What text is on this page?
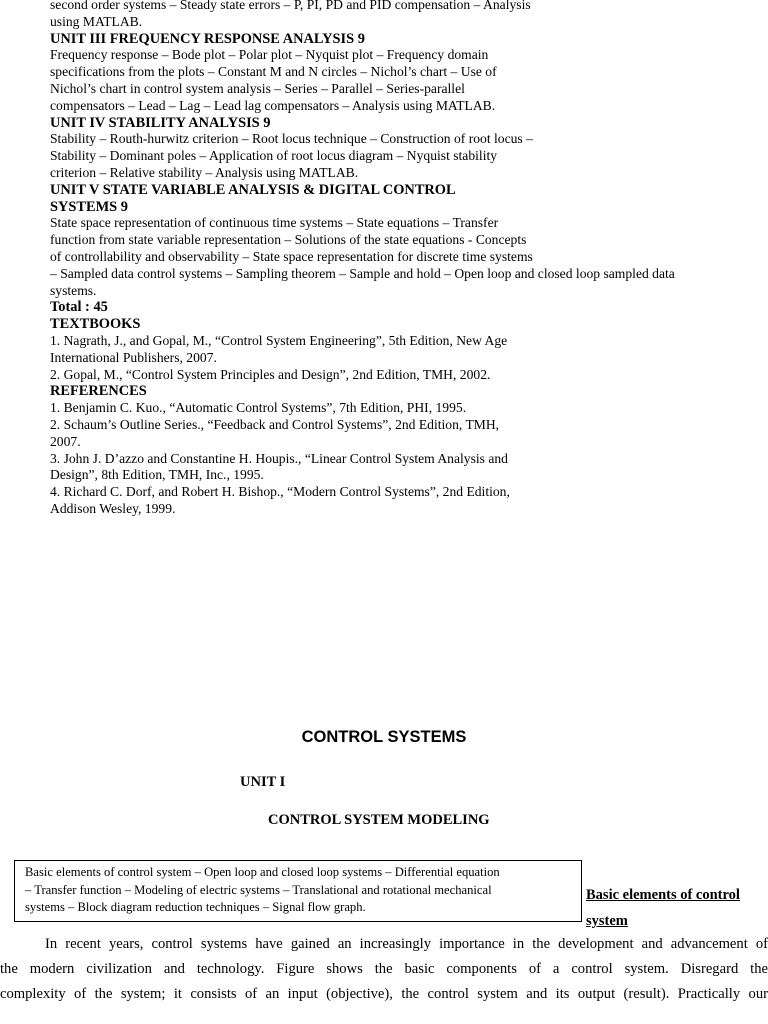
second order systems – Steady state errors – P, PI, PD and PID compensation – Analysis
using MATLAB.
UNIT III FREQUENCY RESPONSE ANALYSIS 9
Frequency response – Bode plot – Polar plot – Nyquist plot – Frequency domain
specifications from the plots – Constant M and N circles – Nichol’s chart – Use of
Nichol’s chart in control system analysis – Series – Parallel – Series-parallel
compensators – Lead – Lag – Lead lag compensators – Analysis using MATLAB.
UNIT IV STABILITY ANALYSIS 9
Stability – Routh-hurwitz criterion – Root locus technique – Construction of root locus –
Stability – Dominant poles – Application of root locus diagram – Nyquist stability
criterion – Relative stability – Analysis using MATLAB.
UNIT V STATE VARIABLE ANALYSIS & DIGITAL CONTROL
SYSTEMS 9
State space representation of continuous time systems – State equations – Transfer
function from state variable representation – Solutions of the state equations - Concepts
of controllability and observability – State space representation for discrete time systems
– Sampled data control systems – Sampling theorem – Sample and hold – Open loop and closed loop sampled data
systems.
Total : 45
TEXTBOOKS
1. Nagrath, J., and Gopal, M., “Control System Engineering”, 5th Edition, New Age
International Publishers, 2007.
2. Gopal, M., “Control System Principles and Design”, 2nd Edition, TMH, 2002.
REFERENCES
1. Benjamin C. Kuo., “Automatic Control Systems”, 7th Edition, PHI, 1995.
2. Schaum’s Outline Series., “Feedback and Control Systems”, 2nd Edition, TMH,
2007.
3. John J. D’azzo and Constantine H. Houpis., “Linear Control System Analysis and
Design”, 8th Edition, TMH, Inc., 1995.
4. Richard C. Dorf, and Robert H. Bishop., “Modern Control Systems”, 2nd Edition,
Addison Wesley, 1999.
CONTROL SYSTEMS
UNIT I
CONTROL SYSTEM MODELING
Basic elements of control system – Open loop and closed loop systems – Differential equation
– Transfer function – Modeling of electric systems – Translational and rotational mechanical
systems – Block diagram reduction techniques – Signal flow graph.
Basic elements of control
system
In recent years, control systems have gained an increasingly importance in the development and advancement of
the modern civilization and technology. Figure shows the basic components of a control system. Disregard the
complexity of the system; it consists of an input (objective), the control system and its output (result). Practically our
